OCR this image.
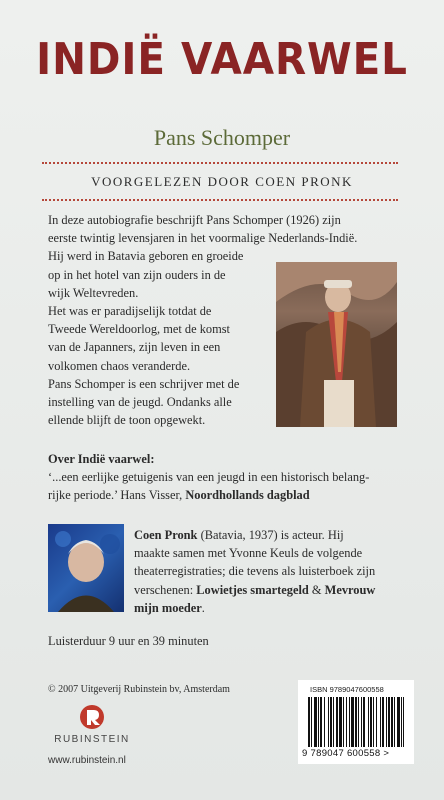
INDIË VAARWEL
Pans Schomper
VOORGELEZEN DOOR COEN PRONK
In deze autobiografie beschrijft Pans Schomper (1926) zijn
eerste twintig levensjaren in het voormalige Nederlands-Indië.
Hij werd in Batavia geboren en groeide
op in het hotel van zijn ouders in de
wijk Weltevreden.
Het was er paradijselijk totdat de
Tweede Wereldoorlog, met de komst
van de Japanners, zijn leven in een
volkomen chaos veranderde.
Pans Schomper is een schrijver met de
instelling van de jeugd. Ondanks alle
ellende blijft de toon opgewekt.
Over Indië vaarwel:
‘...een eerlijke getuigenis van een jeugd in een historisch belang-
rijke periode.’ Hans Visser, Noordhollands dagblad
Coen Pronk (Batavia, 1937) is acteur. Hij
maakte samen met Yvonne Keuls de volgende
theaterregistraties; die tevens als luisterboek zijn
verschenen: Lowietjes smartegeld & Mevrouw
mijn moeder.
Luisterduur 9 uur en 39 minuten
© 2007 Uitgeverij Rubinstein bv, Amsterdam
RUBINSTEIN
www.rubinstein.nl
ISBN 9789047600558
9 789047 600558 >
